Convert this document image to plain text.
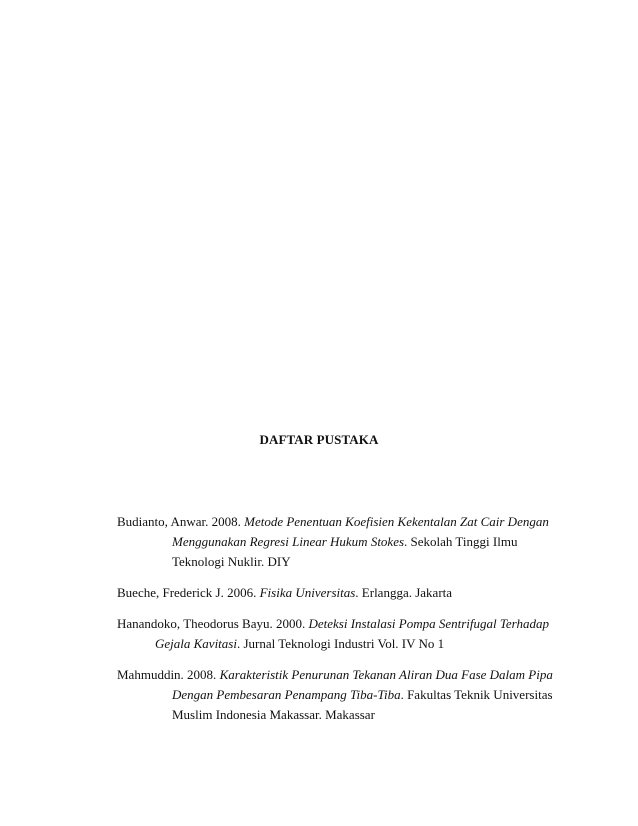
DAFTAR PUSTAKA
Budianto, Anwar. 2008. Metode Penentuan Koefisien Kekentalan Zat Cair Dengan
Menggunakan Regresi Linear Hukum Stokes. Sekolah Tinggi Ilmu
Teknologi Nuklir. DIY
Bueche, Frederick J. 2006. Fisika Universitas. Erlangga. Jakarta
Hanandoko, Theodorus Bayu. 2000. Deteksi Instalasi Pompa Sentrifugal Terhadap
Gejala Kavitasi. Jurnal Teknologi Industri Vol. IV No 1
Mahmuddin. 2008. Karakteristik Penurunan Tekanan Aliran Dua Fase Dalam Pipa
Dengan Pembesaran Penampang Tiba-Tiba. Fakultas Teknik Universitas
Muslim Indonesia Makassar. Makassar
